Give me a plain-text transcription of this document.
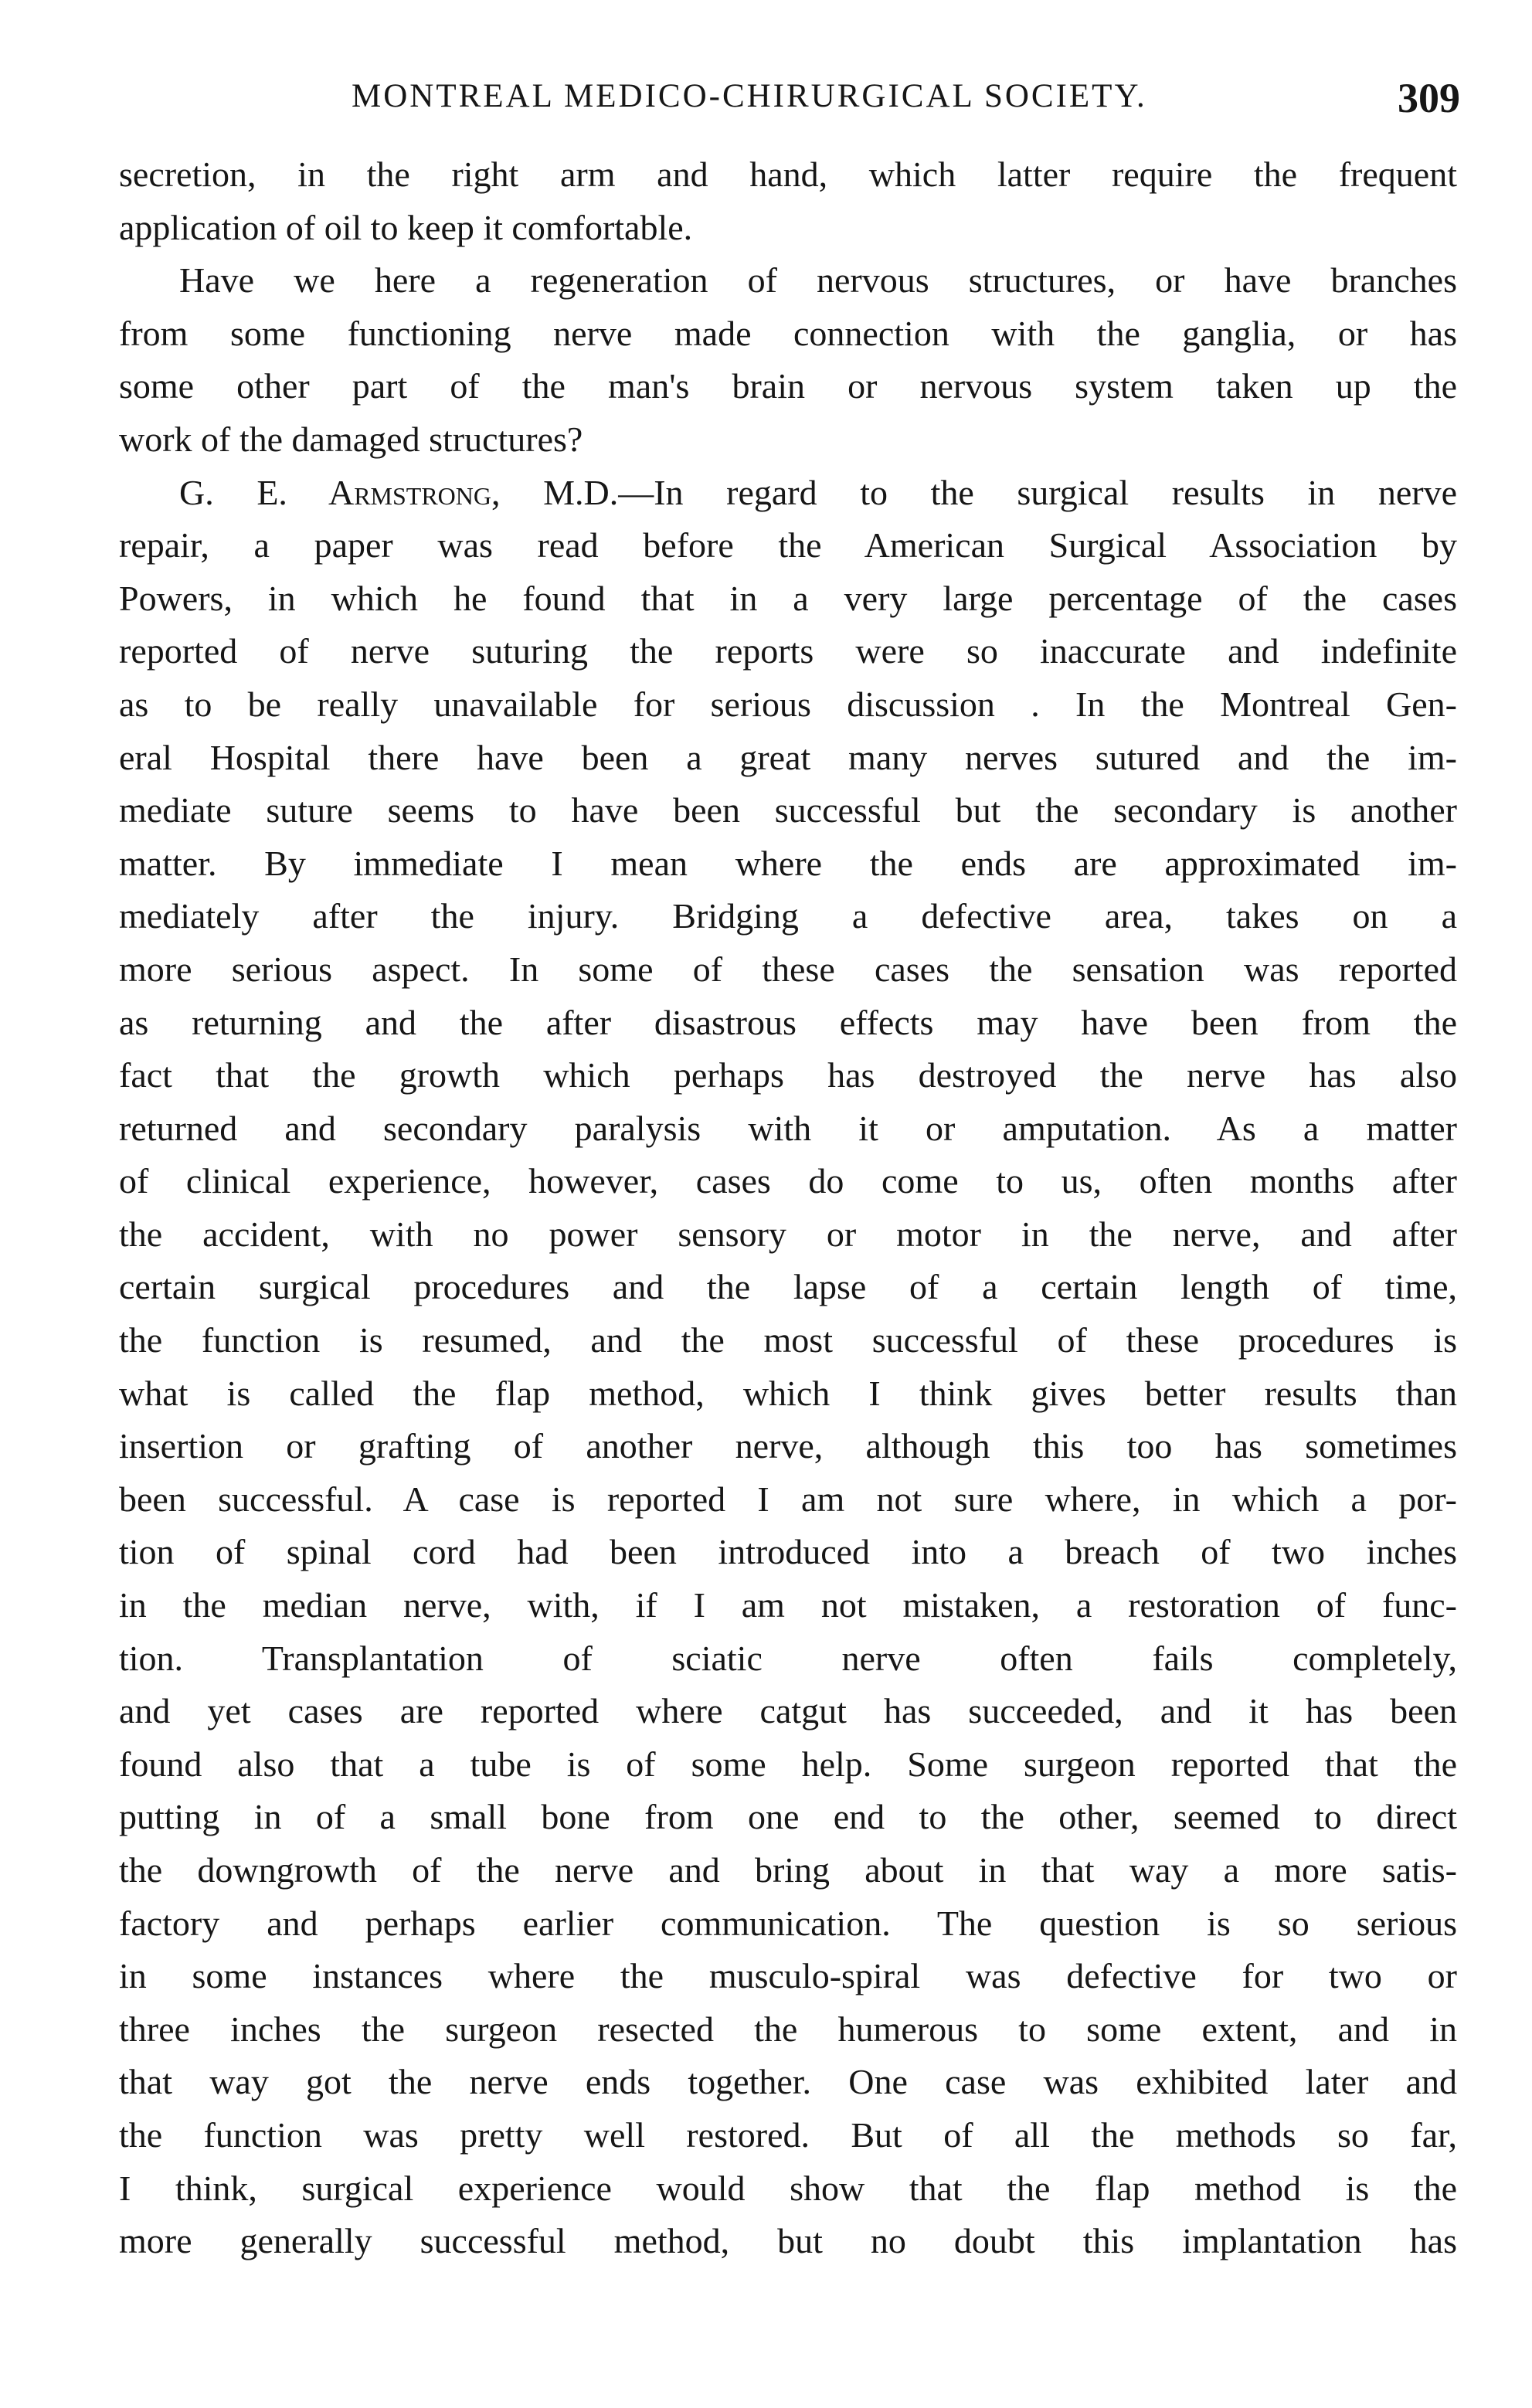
MONTREAL MEDICO-CHIRURGICAL SOCIETY.	309
secretion, in the right arm and hand, which latter require the frequent
application of oil to keep it comfortable.
Have we here a regeneration of nervous structures, or have branches
from some functioning nerve made connection with the ganglia, or has
some other part of the man's brain or nervous system taken up the
work of the damaged structures?
G. E. Armstrong, M.D.—In regard to the surgical results in nerve
repair, a paper was read before the American Surgical Association by
Powers, in which he found that in a very large percentage of the cases
reported of nerve suturing the reports were so inaccurate and indefinite
as to be really unavailable for serious discussion . In the Montreal Gen-
eral Hospital there have been a great many nerves sutured and the im-
mediate suture seems to have been successful but the secondary is another
matter. By immediate I mean where the ends are approximated im-
mediately after the injury. Bridging a defective area, takes on a
more serious aspect. In some of these cases the sensation was reported
as returning and the after disastrous effects may have been from the
fact that the growth which perhaps has destroyed the nerve has also
returned and secondary paralysis with it or amputation. As a matter
of clinical experience, however, cases do come to us, often months after
the accident, with no power sensory or motor in the nerve, and after
certain surgical procedures and the lapse of a certain length of time,
the function is resumed, and the most successful of these procedures is
what is called the flap method, which I think gives better results than
insertion or grafting of another nerve, although this too has sometimes
been successful. A case is reported I am not sure where, in which a por-
tion of spinal cord had been introduced into a breach of two inches
in the median nerve, with, if I am not mistaken, a restoration of func-
tion. Transplantation of sciatic nerve often fails completely,
and yet cases are reported where catgut has succeeded, and it has been
found also that a tube is of some help. Some surgeon reported that the
putting in of a small bone from one end to the other, seemed to direct
the downgrowth of the nerve and bring about in that way a more satis-
factory and perhaps earlier communication. The question is so serious
in some instances where the musculo-spiral was defective for two or
three inches the surgeon resected the humerous to some extent, and in
that way got the nerve ends together. One case was exhibited later and
the function was pretty well restored. But of all the methods so far,
I think, surgical experience would show that the flap method is the
more generally successful method, but no doubt this implantation has
